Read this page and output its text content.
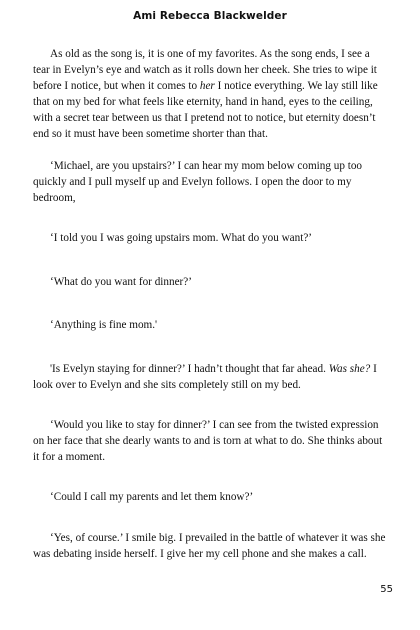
Ami Rebecca Blackwelder

As old as the song is, it is one of my favorites. As the song ends, I see a tear in Evelyn’s eye and watch as it rolls down her cheek. She tries to wipe it before I notice, but when it comes to her I notice everything. We lay still like that on my bed for what feels like eternity, hand in hand, eyes to the ceiling, with a secret tear between us that I pretend not to notice, but eternity doesn’t end so it must have been sometime shorter than that.

‘Michael, are you upstairs?’ I can hear my mom below coming up too quickly and I pull myself up and Evelyn follows. I open the door to my bedroom,

‘I told you I was going upstairs mom. What do you want?’

‘What do you want for dinner?’

‘Anything is fine mom.'

'Is Evelyn staying for dinner?’ I hadn’t thought that far ahead. Was she? I look over to Evelyn and she sits completely still on my bed.

‘Would you like to stay for dinner?’ I can see from the twisted expression on her face that she dearly wants to and is torn at what to do. She thinks about it for a moment.

‘Could I call my parents and let them know?’

‘Yes, of course.’ I smile big. I prevailed in the battle of whatever it was she was debating inside herself. I give her my cell phone and she makes a call.

55
